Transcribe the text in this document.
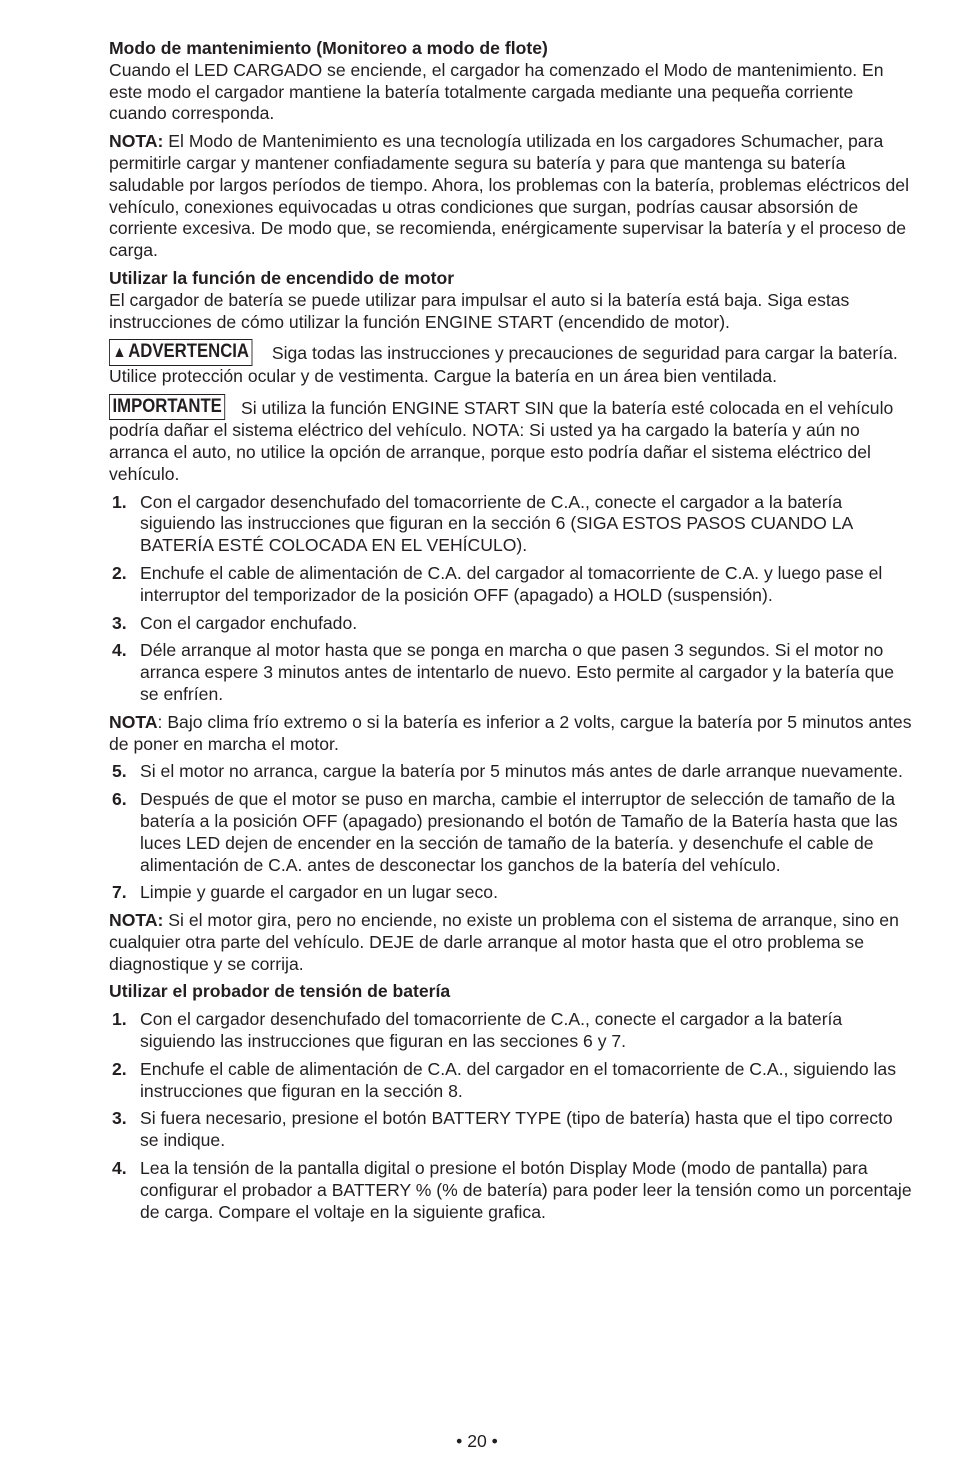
Modo de mantenimiento (Monitoreo a modo de flote)

Cuando el LED CARGADO se enciende, el cargador ha comenzado el Modo de mantenimiento. En este modo el cargador mantiene la batería totalmente cargada mediante una pequeña corriente cuando corresponda.

NOTA: El Modo de Mantenimiento es una tecnología utilizada en los cargadores Schumacher, para permitirle cargar y mantener confiadamente segura su batería y para que mantenga su batería saludable por largos períodos de tiempo. Ahora, los problemas con la batería, problemas eléctricos del vehículo, conexiones equivocadas u otras condiciones que surgan, podrías causar absorsión de corriente excesiva. De modo que, se recomienda, enérgicamente supervisar la batería y el proceso de carga.

Utilizar la función de encendido de motor

El cargador de batería se puede utilizar para impulsar el auto si la batería está baja. Siga estas instrucciones de cómo utilizar la función ENGINE START (encendido de motor).

▲ADVERTENCIA Siga todas las instrucciones y precauciones de seguridad para cargar la batería. Utilice protección ocular y de vestimenta. Cargue la batería en un área bien ventilada.

IMPORTANTE Si utiliza la función ENGINE START SIN que la batería esté colocada en el vehículo podría dañar el sistema eléctrico del vehículo. NOTA: Si usted ya ha cargado la batería y aún no arranca el auto, no utilice la opción de arranque, porque esto podría dañar el sistema eléctrico del vehículo.

1. Con el cargador desenchufado del tomacorriente de C.A., conecte el cargador a la batería siguiendo las instrucciones que figuran en la sección 6 (SIGA ESTOS PASOS CUANDO LA BATERÍA ESTÉ COLOCADA EN EL VEHÍCULO).
2. Enchufe el cable de alimentación de C.A. del cargador al tomacorriente de C.A. y luego pase el interruptor del temporizador de la posición OFF (apagado) a HOLD (suspensión).
3. Con el cargador enchufado.
4. Déle arranque al motor hasta que se ponga en marcha o que pasen 3 segundos. Si el motor no arranca espere 3 minutos antes de intentarlo de nuevo. Esto permite al cargador y la batería que se enfríen.

NOTA: Bajo clima frío extremo o si la batería es inferior a 2 volts, cargue la batería por 5 minutos antes de poner en marcha el motor.

5. Si el motor no arranca, cargue la batería por 5 minutos más antes de darle arranque nuevamente.
6. Después de que el motor se puso en marcha, cambie el interruptor de selección de tamaño de la batería a la posición OFF (apagado) presionando el botón de Tamaño de la Batería hasta que las luces LED dejen de encender en la sección de tamaño de la batería. y desenchufe el cable de alimentación de C.A. antes de desconectar los ganchos de la batería del vehículo.
7. Limpie y guarde el cargador en un lugar seco.

NOTA: Si el motor gira, pero no enciende, no existe un problema con el sistema de arranque, sino en cualquier otra parte del vehículo. DEJE de darle arranque al motor hasta que el otro problema se diagnostique y se corrija.

Utilizar el probador de tensión de batería

1. Con el cargador desenchufado del tomacorriente de C.A., conecte el cargador a la batería siguiendo las instrucciones que figuran en las secciones 6 y 7.
2. Enchufe el cable de alimentación de C.A. del cargador en el tomacorriente de C.A., siguiendo las instrucciones que figuran en la sección 8.
3. Si fuera necesario, presione el botón BATTERY TYPE (tipo de batería) hasta que el tipo correcto se indique.
4. Lea la tensión de la pantalla digital o presione el botón Display Mode (modo de pantalla) para configurar el probador a BATTERY % (% de batería) para poder leer la tensión como un porcentaje de carga. Compare el voltaje en la siguiente grafica.
• 20 •
